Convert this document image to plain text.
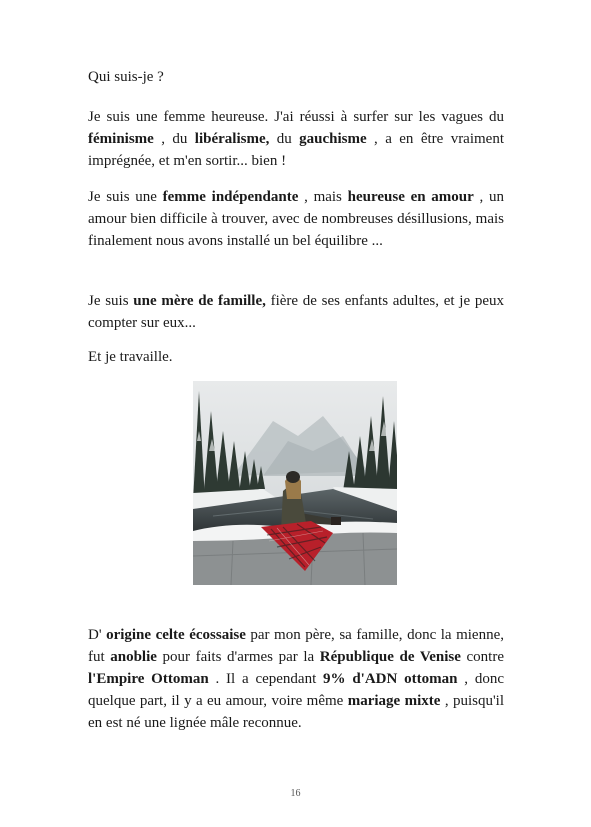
Qui suis-je ?

Je suis une femme heureuse. J'ai réussi à surfer sur les vagues du féminisme , du libéralisme, du gauchisme , a en être vraiment imprégnée, et m'en sortir... bien !

Je suis une femme indépendante , mais heureuse en amour , un amour bien difficile à trouver, avec de nombreuses désillusions, mais finalement nous avons installé un bel équilibre ...

Je suis une mère de famille, fière de ses enfants adultes, et je peux compter sur eux...

Et je travaille.

D' origine celte écossaise par mon père, sa famille, donc la mienne, fut anoblie pour faits d'armes par la République de Venise contre l'Empire Ottoman . Il a cependant 9% d'ADN ottoman , donc quelque part, il y a eu amour, voire même mariage mixte , puisqu'il en est né une lignée mâle reconnue.

16
